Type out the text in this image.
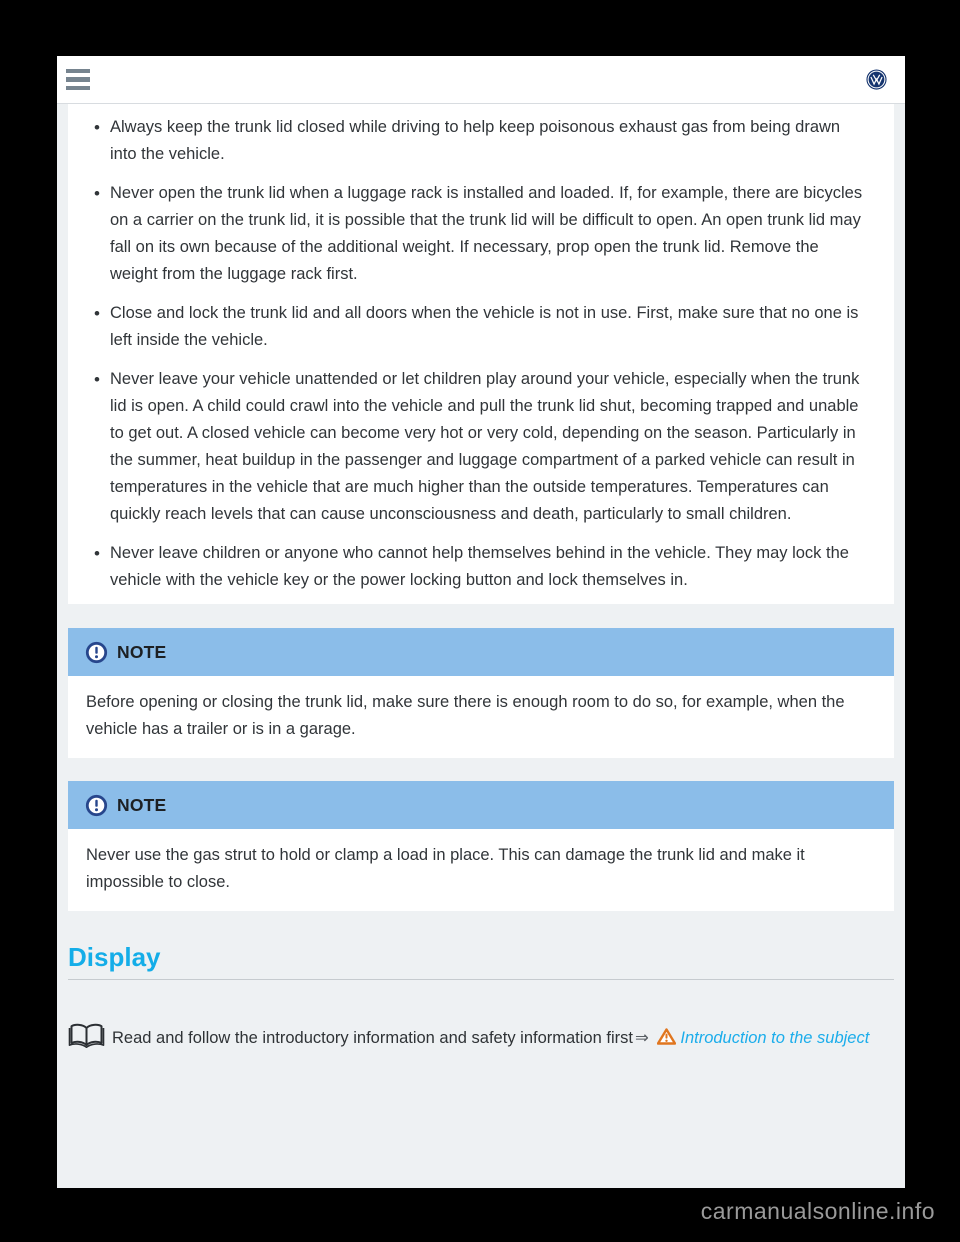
• Always keep the trunk lid closed while driving to help keep poisonous exhaust gas from being drawn into the vehicle.
• Never open the trunk lid when a luggage rack is installed and loaded. If, for example, there are bicycles on a carrier on the trunk lid, it is possible that the trunk lid will be difficult to open. An open trunk lid may fall on its own because of the additional weight. If necessary, prop open the trunk lid. Remove the weight from the luggage rack first.
• Close and lock the trunk lid and all doors when the vehicle is not in use. First, make sure that no one is left inside the vehicle.
• Never leave your vehicle unattended or let children play around your vehicle, especially when the trunk lid is open. A child could crawl into the vehicle and pull the trunk lid shut, becoming trapped and unable to get out. A closed vehicle can become very hot or very cold, depending on the season. Particularly in the summer, heat buildup in the passenger and luggage compartment of a parked vehicle can result in temperatures in the vehicle that are much higher than the outside temperatures. Temperatures can quickly reach levels that can cause unconsciousness and death, particularly to small children.
• Never leave children or anyone who cannot help themselves behind in the vehicle. They may lock the vehicle with the vehicle key or the power locking button and lock themselves in.
NOTE
Before opening or closing the trunk lid, make sure there is enough room to do so, for example, when the vehicle has a trailer or is in a garage.
NOTE
Never use the gas strut to hold or clamp a load in place. This can damage the trunk lid and make it impossible to close.
Display

Read and follow the introductory information and safety information first ⇒ Introduction to the subject

carmanualsonline.info
